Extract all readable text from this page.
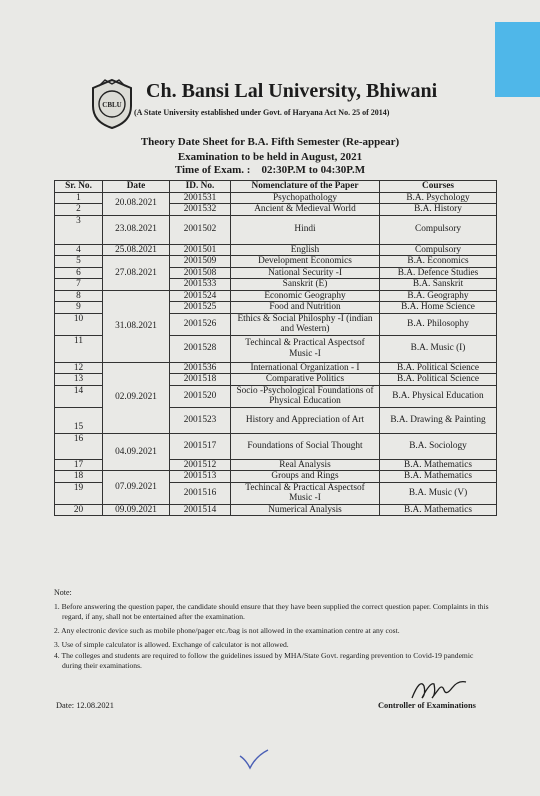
CBLU
Ch. Bansi Lal University, Bhiwani
(A State University established under Govt. of Haryana Act No. 25 of 2014)
Theory Date Sheet for B.A. Fifth Semester (Re-appear)
Examination to be held in August, 2021
Time of Exam. : 02:30P.M to 04:30P.M
Sr. No.	Date	ID. No.	Nomenclature of the Paper	Courses
1	20.08.2021	2001531	Psychopathology	B.A. Psychology
2		2001532	Ancient & Medieval World	B.A. History
3	23.08.2021	2001502	Hindi	Compulsory
4	25.08.2021	2001501	English	Compulsory
5	27.08.2021	2001509	Development Economics	B.A. Economics
6		2001508	National Security -I	B.A. Defence Studies
7		2001533	Sanskrit (E)	B.A. Sanskrit
8	31.08.2021	2001524	Economic Geography	B.A. Geography
9		2001525	Food and Nutrition	B.A. Home Science
10		2001526	Ethics & Social Philosphy -I (indian and Western)	B.A. Philosophy
11		2001528	Techincal & Practical Aspectsof Music -I	B.A. Music (I)
12	02.09.2021	2001536	International Organization - I	B.A. Political Science
13		2001518	Comparative Politics	B.A. Political Science
14		2001520	Socio -Psychological Foundations of Physical Education	B.A. Physical Education
15		2001523	History and Appreciation of Art	B.A. Drawing & Painting
16	04.09.2021	2001517	Foundations of Social Thought	B.A. Sociology
17		2001512	Real Analysis	B.A. Mathematics
18	07.09.2021	2001513	Groups and Rings	B.A. Mathematics
19		2001516	Techincal & Practical Aspectsof Music -I	B.A. Music (V)
20	09.09.2021	2001514	Numerical Analysis	B.A. Mathematics
Note:
1. Before answering the question paper, the candidate should ensure that they have been supplied the correct question paper. Complaints in this regard, if any, shall not be entertained after the examination.
2. Any electronic device such as mobile phone/pager etc./bag is not allowed in the examination centre at any cost.
3. Use of simple calculator is allowed. Exchange of calculator is not allowed.
4. The colleges and students are required to follow the guidelines issued by MHA/State Govt. regarding prevention to Covid-19 pandemic during their examinations.
Date: 12.08.2021	Controller of Examinations
